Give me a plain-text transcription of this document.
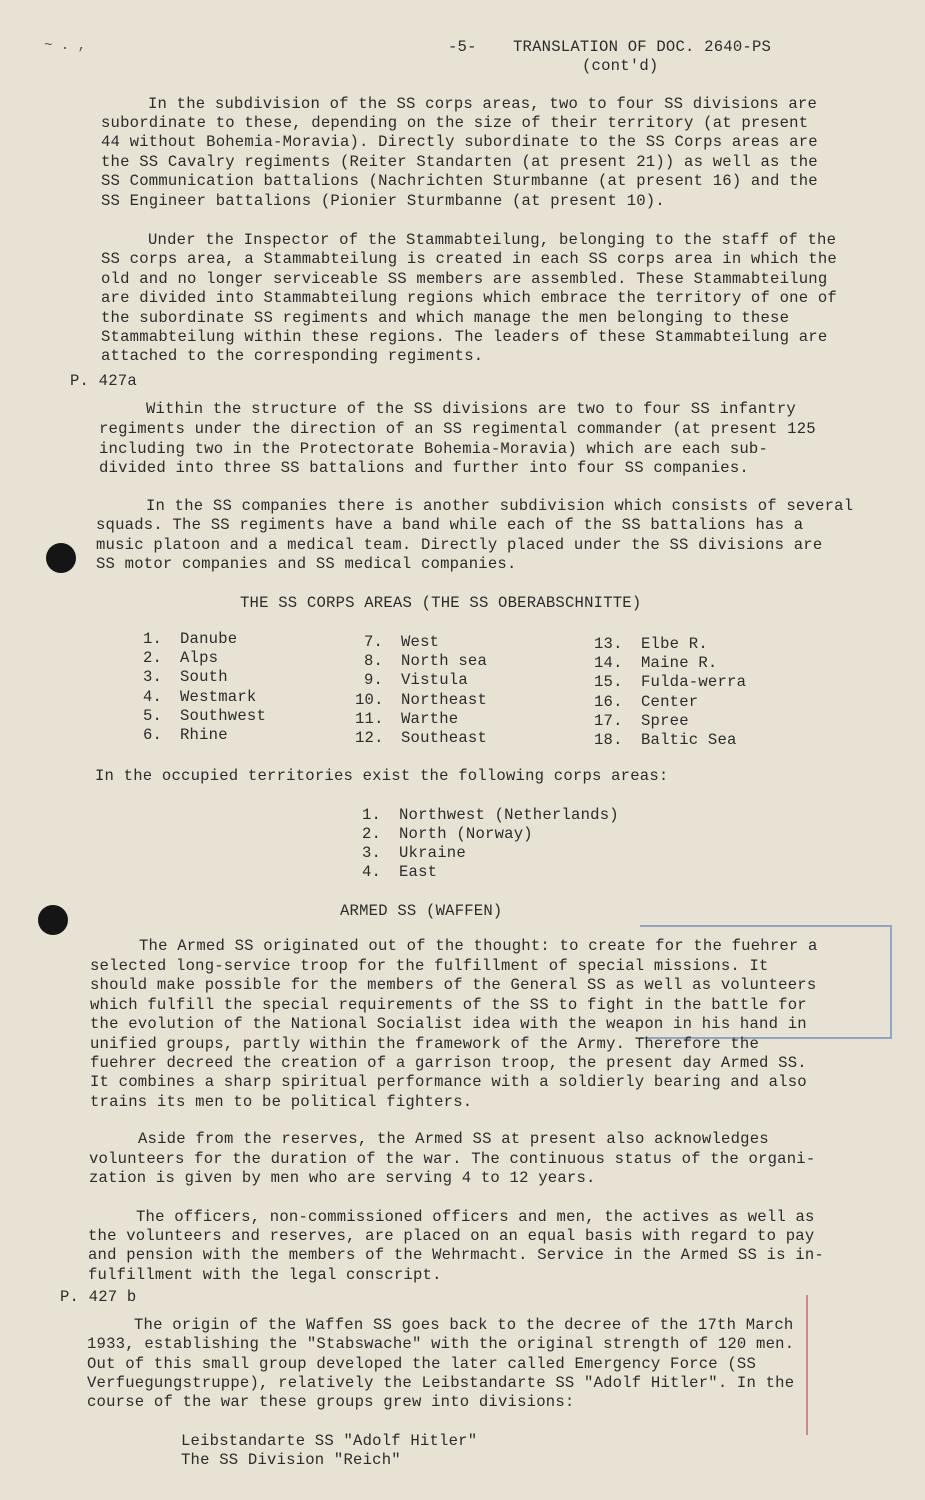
~ . ,	-5- TRANSLATION OF DOC. 2640-PS
(cont'd)
In the subdivision of the SS corps areas, two to four SS divisions are
subordinate to these, depending on the size of their territory (at present
44 without Bohemia-Moravia). Directly subordinate to the SS Corps areas are
the SS Cavalry regiments (Reiter Standarten (at present 21)) as well as the
SS Communication battalions (Nachrichten Sturmbanne (at present 16) and the
SS Engineer battalions (Pionier Sturmbanne (at present 10).
Under the Inspector of the Stammabteilung, belonging to the staff of the
SS corps area, a Stammabteilung is created in each SS corps area in which the
old and no longer serviceable SS members are assembled. These Stammabteilung
are divided into Stammabteilung regions which embrace the territory of one of
the subordinate SS regiments and which manage the men belonging to these
Stammabteilung within these regions. The leaders of these Stammabteilung are
attached to the corresponding regiments.
P. 427a
Within the structure of the SS divisions are two to four SS infantry
regiments under the direction of an SS regimental commander (at present 125
including two in the Protectorate Bohemia-Moravia) which are each sub-
divided into three SS battalions and further into four SS companies.
In the SS companies there is another subdivision which consists of several
squads. The SS regiments have a band while each of the SS battalions has a
music platoon and a medical team. Directly placed under the SS divisions are
SS motor companies and SS medical companies.
THE SS CORPS AREAS (THE SS OBERABSCHNITTE)
1. Danube
2. Alps
3. South
4. Westmark
5. Southwest
6. Rhine
7. West
8. North sea
9. Vistula
10. Northeast
11. Warthe
12. Southeast
13. Elbe R.
14. Maine R.
15. Fulda-werra
16. Center
17. Spree
18. Baltic Sea
In the occupied territories exist the following corps areas:
1. Northwest (Netherlands)
2. North (Norway)
3. Ukraine
4. East
ARMED SS (WAFFEN)
The Armed SS originated out of the thought: to create for the fuehrer a
selected long-service troop for the fulfillment of special missions. It
should make possible for the members of the General SS as well as volunteers
which fulfill the special requirements of the SS to fight in the battle for
the evolution of the National Socialist idea with the weapon in his hand in
unified groups, partly within the framework of the Army. Therefore the
fuehrer decreed the creation of a garrison troop, the present day Armed SS.
It combines a sharp spiritual performance with a soldierly bearing and also
trains its men to be political fighters.
Aside from the reserves, the Armed SS at present also acknowledges
volunteers for the duration of the war. The continuous status of the organi-
zation is given by men who are serving 4 to 12 years.
The officers, non-commissioned officers and men, the actives as well as
the volunteers and reserves, are placed on an equal basis with regard to pay
and pension with the members of the Wehrmacht. Service in the Armed SS is in-
fulfillment with the legal conscript.
P. 427 b
The origin of the Waffen SS goes back to the decree of the 17th March
1933, establishing the "Stabswache" with the original strength of 120 men.
Out of this small group developed the later called Emergency Force (SS
Verfuegungstruppe), relatively the Leibstandarte SS "Adolf Hitler". In the
course of the war these groups grew into divisions:
Leibstandarte SS "Adolf Hitler"
The SS Division "Reich"
